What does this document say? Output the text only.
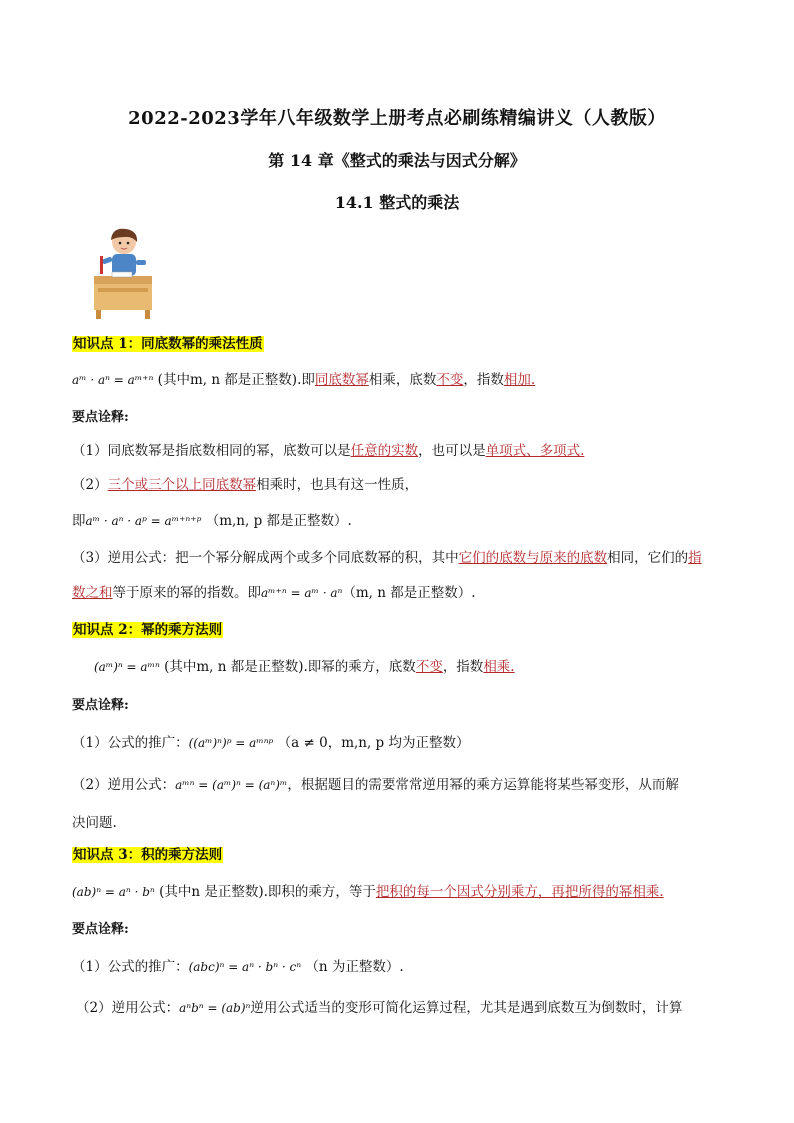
2022-2023学年八年级数学上册考点必刷练精编讲义（人教版）
第 14 章《整式的乘法与因式分解》
14.1 整式的乘法
知识点 1：同底数幂的乘法性质
aᵐ · aⁿ = aᵐ⁺ⁿ (其中m, n 都是正整数).即同底数幂相乘，底数不变，指数相加.
要点诠释:
（1）同底数幂是指底数相同的幂，底数可以是任意的实数，也可以是单项式、多项式.
（2）三个或三个以上同底数幂相乘时，也具有这一性质，
即aᵐ · aⁿ · aᵖ = aᵐ⁺ⁿ⁺ᵖ （m,n, p 都是正整数）.
（3）逆用公式：把一个幂分解成两个或多个同底数幂的积，其中它们的底数与原来的底数相同，它们的指
数之和等于原来的幂的指数。即aᵐ⁺ⁿ = aᵐ · aⁿ（m, n 都是正整数）.
知识点 2：幂的乘方法则
(aᵐ)ⁿ = aᵐⁿ (其中m, n 都是正整数).即幂的乘方，底数不变，指数相乘.
要点诠释:
（1）公式的推广：((aᵐ)ⁿ)ᵖ = aᵐⁿᵖ （a ≠ 0，m,n, p 均为正整数）
（2）逆用公式：aᵐⁿ = (aᵐ)ⁿ = (aⁿ)ᵐ，根据题目的需要常常逆用幂的乘方运算能将某些幂变形，从而解
决问题.
知识点 3：积的乘方法则
(ab)ⁿ = aⁿ · bⁿ (其中n 是正整数).即积的乘方，等于把积的每一个因式分别乘方，再把所得的幂相乘.
要点诠释:
（1）公式的推广：(abc)ⁿ = aⁿ · bⁿ · cⁿ （n 为正整数）.
（2）逆用公式：aⁿbⁿ = (ab)ⁿ逆用公式适当的变形可简化运算过程，尤其是遇到底数互为倒数时，计算
